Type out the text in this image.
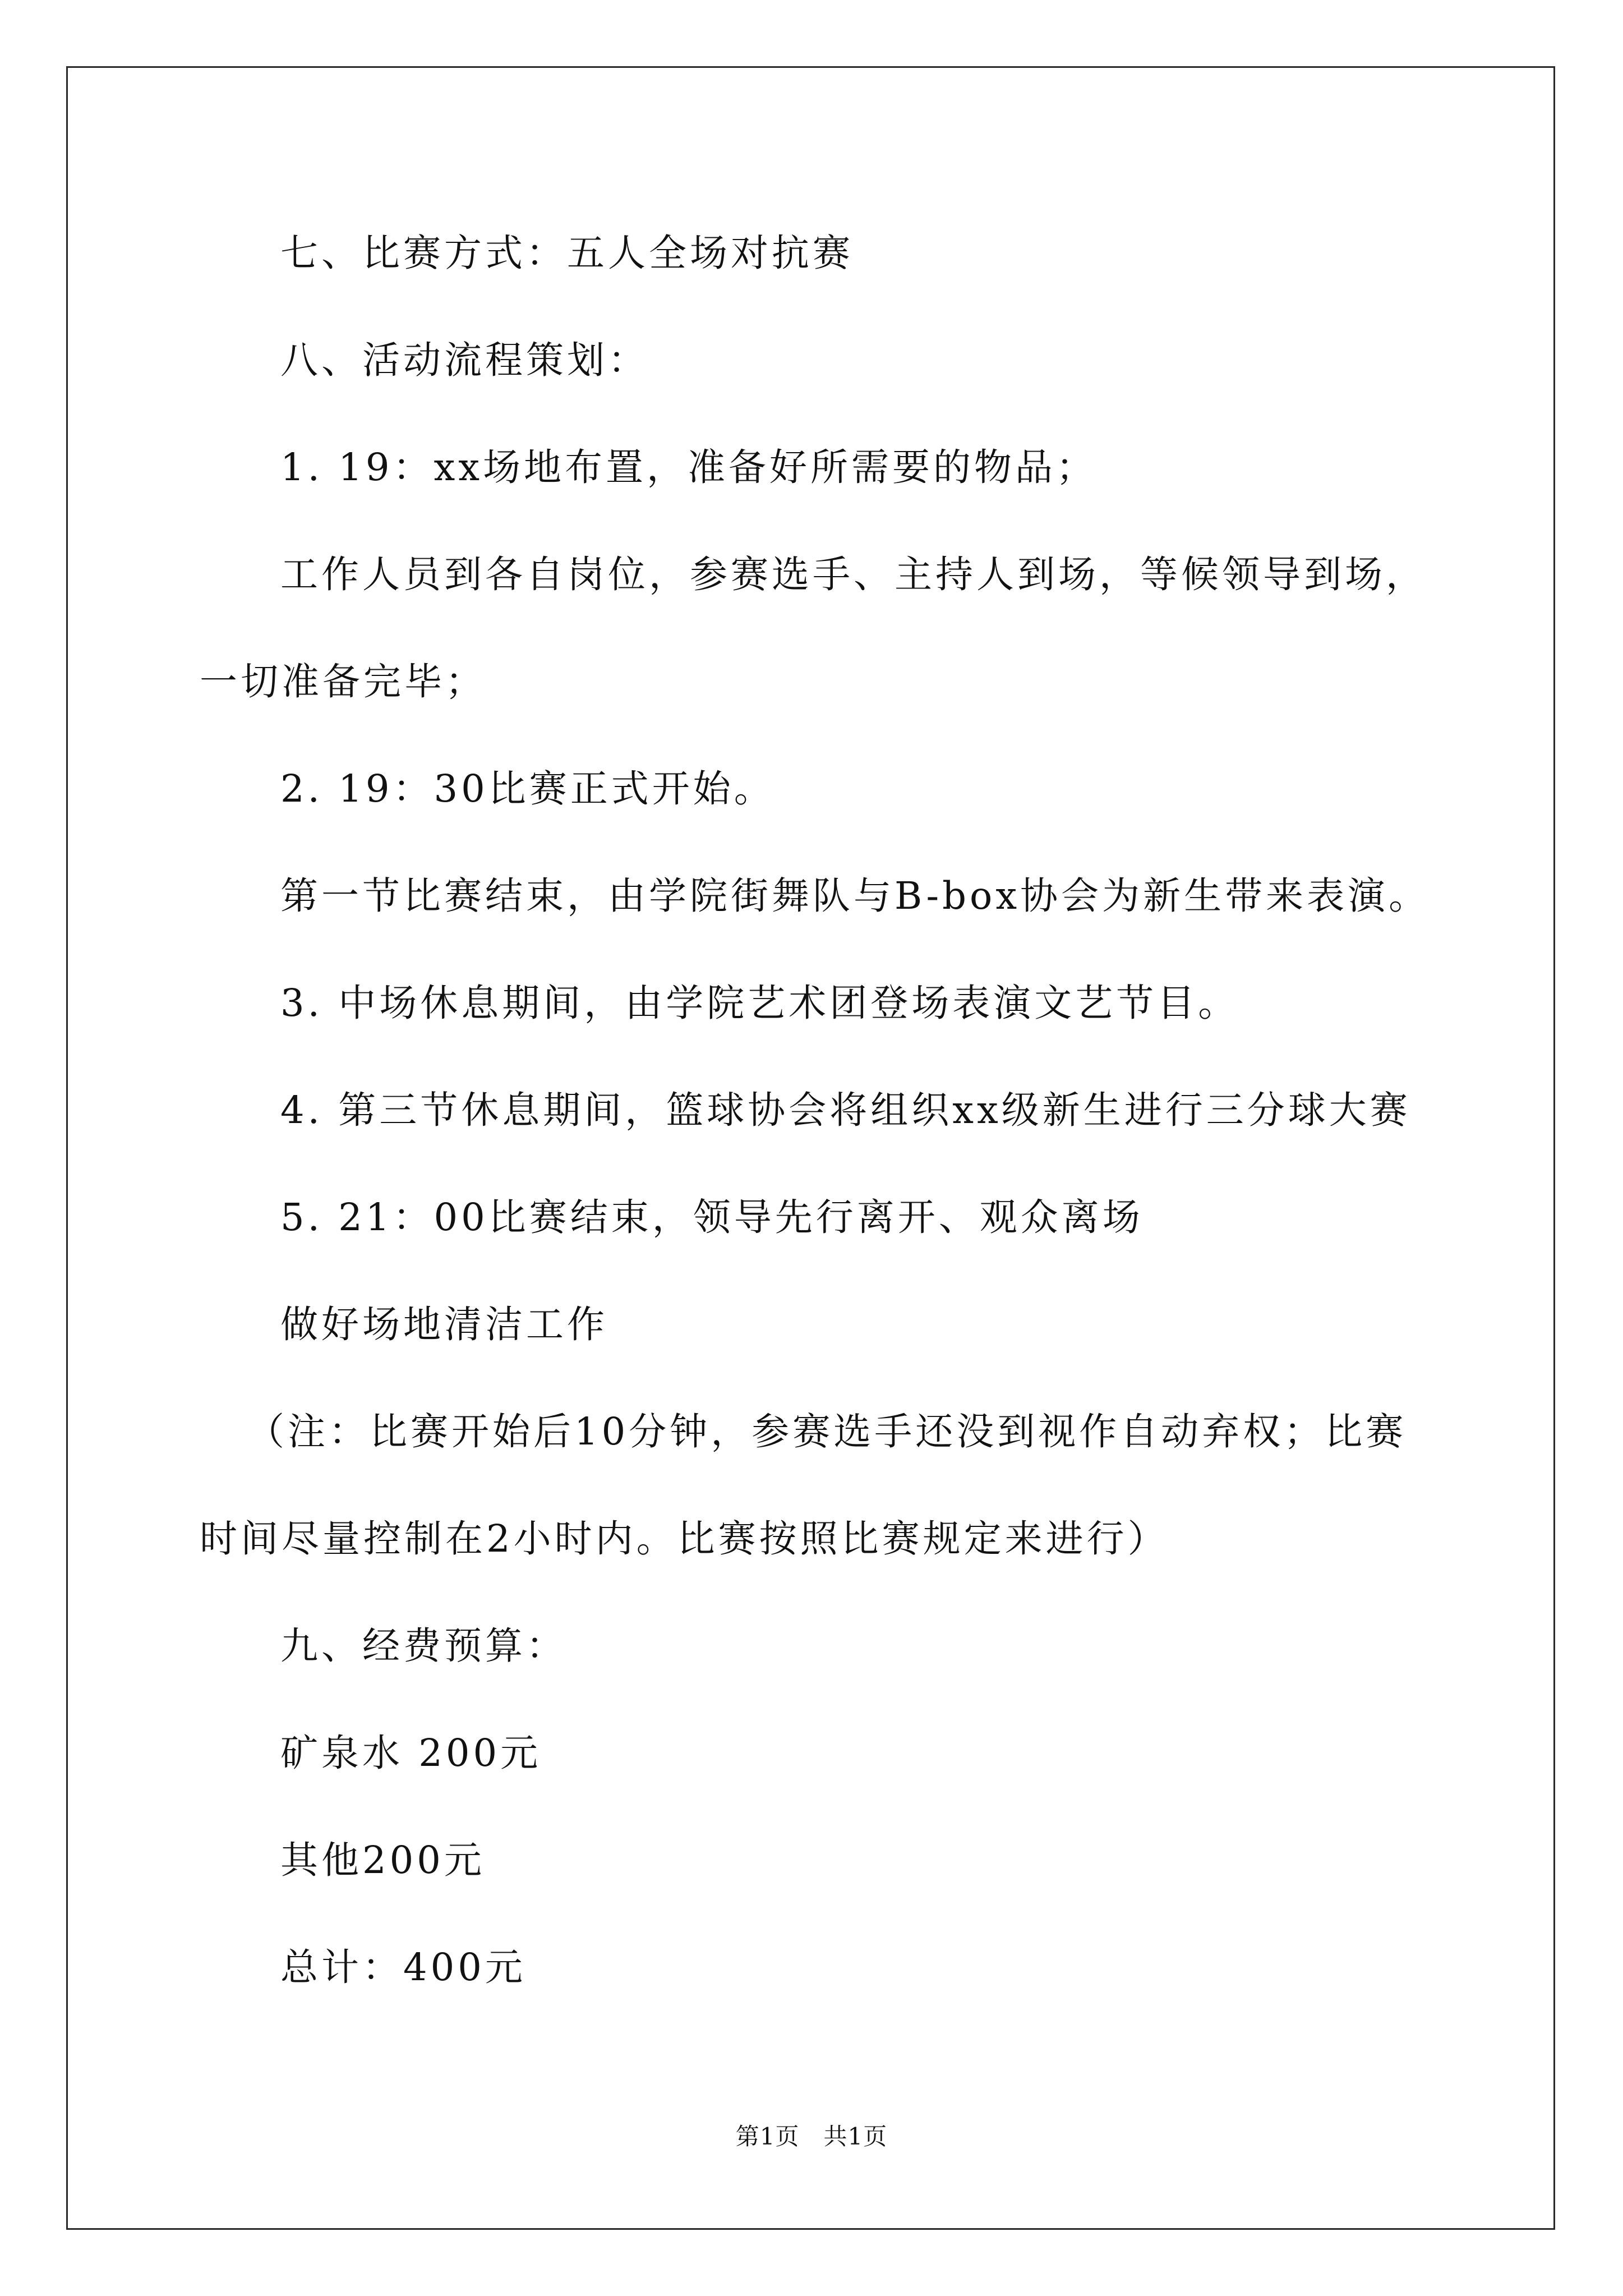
七、比赛方式：五人全场对抗赛
八、活动流程策划：
1. 19：xx场地布置，准备好所需要的物品；
工作人员到各自岗位，参赛选手、主持人到场，等候领导到场，
一切准备完毕；
2. 19：30比赛正式开始。
第一节比赛结束，由学院街舞队与B-box协会为新生带来表演。
3. 中场休息期间，由学院艺术团登场表演文艺节目。
4. 第三节休息期间，篮球协会将组织xx级新生进行三分球大赛
5. 21：00比赛结束，领导先行离开、观众离场
做好场地清洁工作
（注：比赛开始后10分钟，参赛选手还没到视作自动弃权；比赛
时间尽量控制在2小时内。比赛按照比赛规定来进行）
九、经费预算：
矿泉水 200元
其他200元
总计：400元
第1页   共1页
